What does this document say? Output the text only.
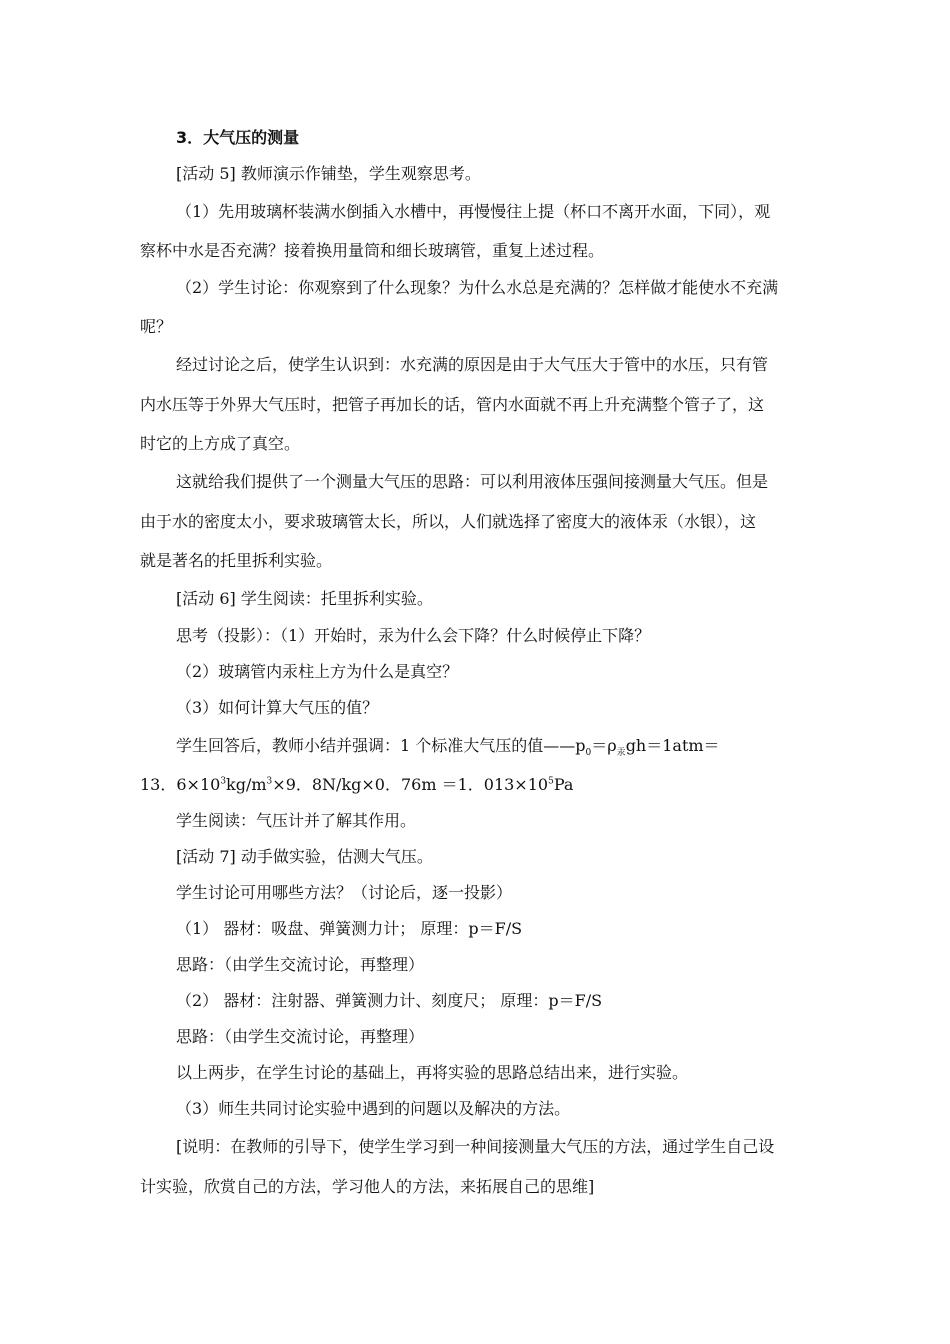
3．大气压的测量
[活动 5] 教师演示作铺垫，学生观察思考。
（1）先用玻璃杯装满水倒插入水槽中，再慢慢往上提（杯口不离开水面，下同），观
察杯中水是否充满？接着换用量筒和细长玻璃管，重复上述过程。
（2）学生讨论：你观察到了什么现象？为什么水总是充满的？怎样做才能使水不充满
呢？
经过讨论之后，使学生认识到：水充满的原因是由于大气压大于管中的水压，只有管
内水压等于外界大气压时，把管子再加长的话，管内水面就不再上升充满整个管子了，这
时它的上方成了真空。
这就给我们提供了一个测量大气压的思路：可以利用液体压强间接测量大气压。但是
由于水的密度太小，要求玻璃管太长，所以，人们就选择了密度大的液体汞（水银），这
就是著名的托里拆利实验。
[活动 6] 学生阅读：托里拆利实验。
思考（投影）：（1）开始时，汞为什么会下降？什么时候停止下降？
（2）玻璃管内汞柱上方为什么是真空？
（3）如何计算大气压的值？
学生回答后，教师小结并强调：1 个标准大气压的值$——p_0=\rho_汞gh=1atm=$
13．$6\times 10^3kg/m^3\times 9$．8N/kg×0．76m ＝1．$013\times 10^5Pa$
学生阅读：气压计并了解其作用。
[活动 7] 动手做实验，估测大气压。
学生讨论可用哪些方法？（讨论后，逐一投影）
（1） 器材：吸盘、弹簧测力计； 原理：p＝F/S
思路：（由学生交流讨论，再整理）
（2） 器材：注射器、弹簧测力计、刻度尺； 原理：p＝F/S
思路：（由学生交流讨论，再整理）
以上两步，在学生讨论的基础上，再将实验的思路总结出来，进行实验。
（3）师生共同讨论实验中遇到的问题以及解决的方法。
[说明：在教师的引导下，使学生学习到一种间接测量大气压的方法，通过学生自己设
计实验，欣赏自己的方法，学习他人的方法，来拓展自己的思维]
